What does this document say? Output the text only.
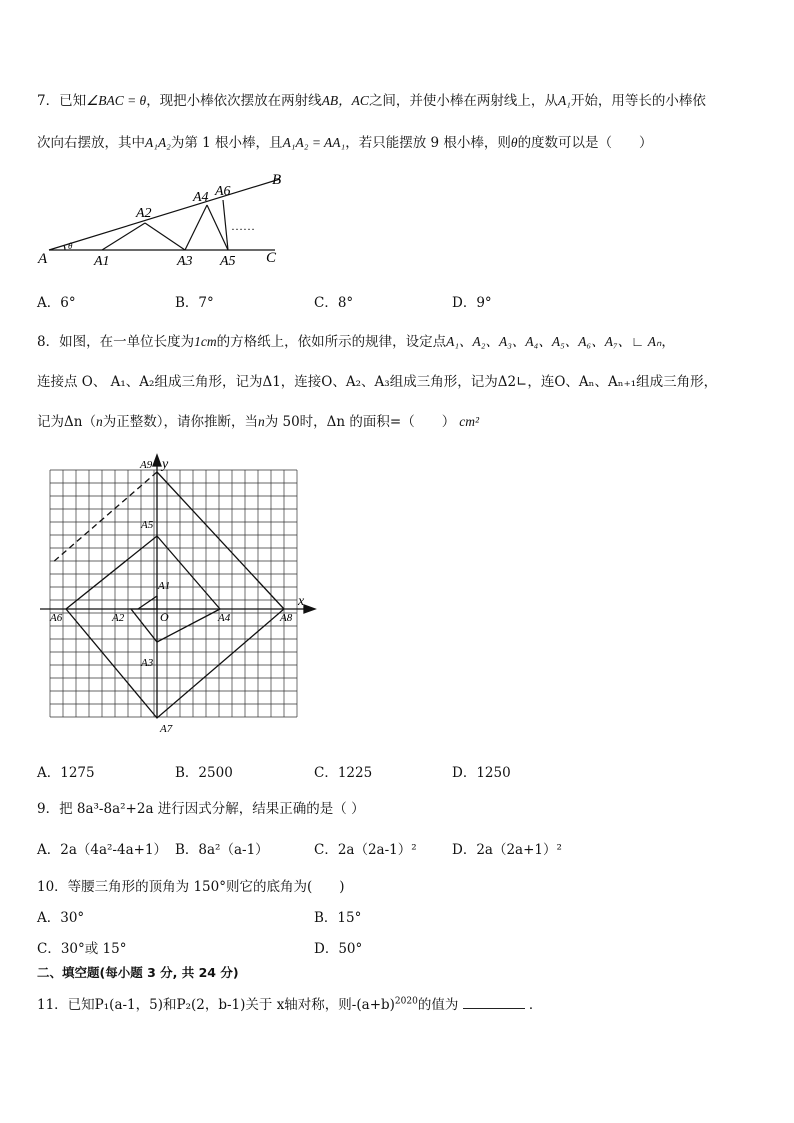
7．已知∠BAC = θ，现把小棒依次摆放在两射线AB，AC之间，并使小棒在两射线上，从A₁开始，用等长的小棒依
次向右摆放，其中A₁A₂为第 1 根小棒，且A₁A₂ = AA₁，若只能摆放 9 根小棒，则θ的度数可以是（　　）
A
θ
A1
A2
A3
A4
A5
A6
B
C
……
A．6°	B．7°	C．8°	D．9°
8．如图，在一单位长度为1cm的方格纸上，依如所示的规律，设定点A₁、A₂、A₃、A₄、A₅、A₆、A₇、∟ Aₙ，
连接点 O、 A₁、A₂组成三角形，记为Δ1，连接O、A₂、A₃组成三角形，记为Δ2∟，连O、Aₙ、Aₙ₊₁组成三角形，
记为Δn（n为正整数），请你推断，当n为 50时，Δn 的面积=（　　） cm²
A9 y
x
A5
A1
O
A2	A4
A6	A8
A3
A7
A．1275	B．2500	C．1225	D．1250
9．把 8a³-8a²+2a 进行因式分解，结果正确的是（ ）
A．2a（4a²-4a+1） B．8a²（a-1）	C．2a（2a-1）²	D．2a（2a+1）²
10．等腰三角形的顶角为 150°则它的底角为(　　)
A．30°	B．15°
C．30°或 15°	D．50°
二、填空题(每小题 3 分, 共 24 分)
11．已知P₁(a-1，5)和P₂(2，b-1)关于 x轴对称，则$-(a+b)^{2020}$的值为	．
